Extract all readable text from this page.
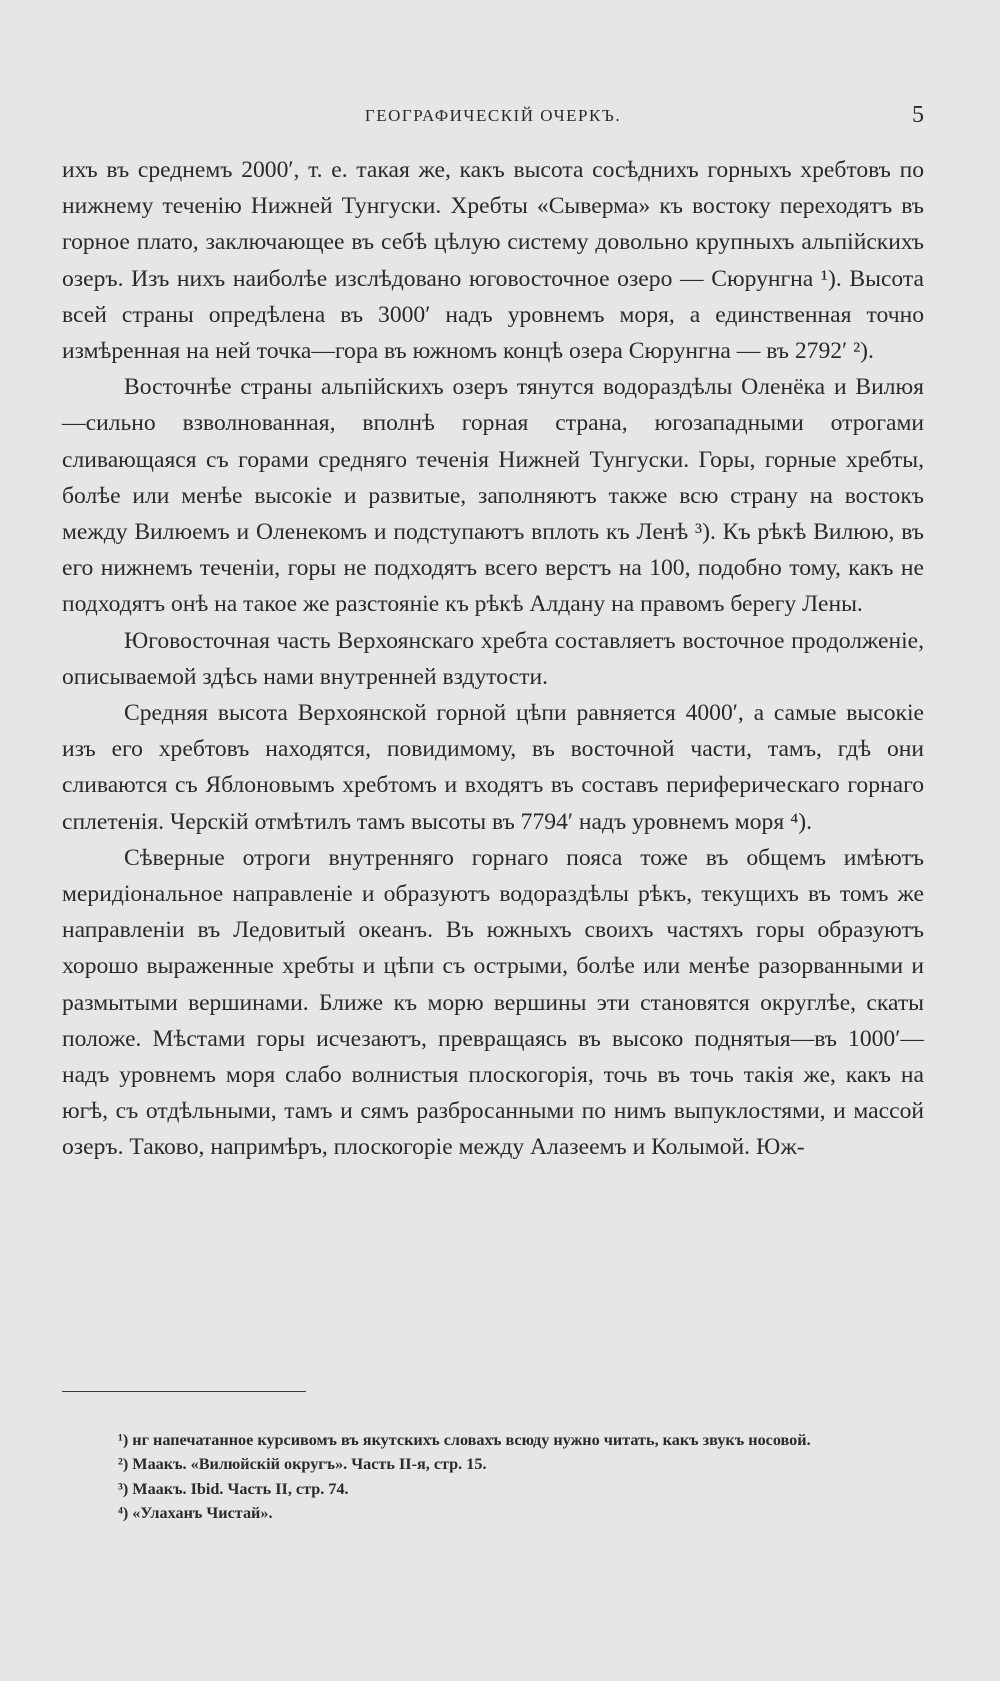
ГЕОГРАФИЧЕСКІЙ ОЧЕРКЪ.	5

ихъ въ среднемъ 2000′, т. е. такая же, какъ высота сосѣднихъ горныхъ хребтовъ по нижнему теченію Нижней Тунгуски. Хребты «Сыверма» къ востоку переходятъ въ горное плато, заключающее въ себѣ цѣлую систему довольно крупныхъ альпійскихъ озеръ. Изъ нихъ наиболѣе изслѣдовано юговосточное озеро — Сюрунгна ¹). Высота всей страны опредѣлена въ 3000′ надъ уровнемъ моря, а единственная точно измѣренная на ней точка—гора въ южномъ концѣ озера Сюрунгна — въ 2792′ ²).

Восточнѣе страны альпійскихъ озеръ тянутся водораздѣлы Оленёка и Вилюя—сильно взволнованная, вполнѣ горная страна, югозападными отрогами сливающаяся съ горами средняго теченія Нижней Тунгуски. Горы, горные хребты, болѣе или менѣе высокіе и развитые, заполняютъ также всю страну на востокъ между Вилюемъ и Оленекомъ и подступаютъ вплоть къ Ленѣ ³). Къ рѣкѣ Вилюю, въ его нижнемъ теченіи, горы не подходятъ всего верстъ на 100, подобно тому, какъ не подходятъ онѣ на такое же разстояніе къ рѣкѣ Алдану на правомъ берегу Лены.

Юговосточная часть Верхоянскаго хребта составляетъ восточное продолженіе, описываемой здѣсь нами внутренней вздутости.

Средняя высота Верхоянской горной цѣпи равняется 4000′, а самые высокіе изъ его хребтовъ находятся, повидимому, въ восточной части, тамъ, гдѣ они сливаются съ Яблоновымъ хребтомъ и входятъ въ составъ периферическаго горнаго сплетенія. Черскій отмѣтилъ тамъ высоты въ 7794′ надъ уровнемъ моря ⁴).

Сѣверные отроги внутренняго горнаго пояса тоже въ общемъ имѣютъ меридіональное направленіе и образуютъ водораздѣлы рѣкъ, текущихъ въ томъ же направленіи въ Ледовитый океанъ. Въ южныхъ своихъ частяхъ горы образуютъ хорошо выраженные хребты и цѣпи съ острыми, болѣе или менѣе разорванными и размытыми вершинами. Ближе къ морю вершины эти становятся округлѣе, скаты положе. Мѣстами горы исчезаютъ, превращаясь въ высоко поднятыя—въ 1000′—надъ уровнемъ моря слабо волнистыя плоскогорія, точь въ точь такія же, какъ на югѣ, съ отдѣльными, тамъ и сямъ разбросанными по нимъ выпуклостями, и массой озеръ. Таково, напримѣръ, плоскогоріе между Алазеемъ и Колымой. Юж-

¹) нг напечатанное курсивомъ въ якутскихъ словахъ всюду нужно читать, какъ звукъ носовой.

²) Маакъ. «Вилюйскій округъ». Часть II-я, стр. 15.

³) Маакъ. Ibid. Часть II, стр. 74.

⁴) «Улаханъ Чистай».
